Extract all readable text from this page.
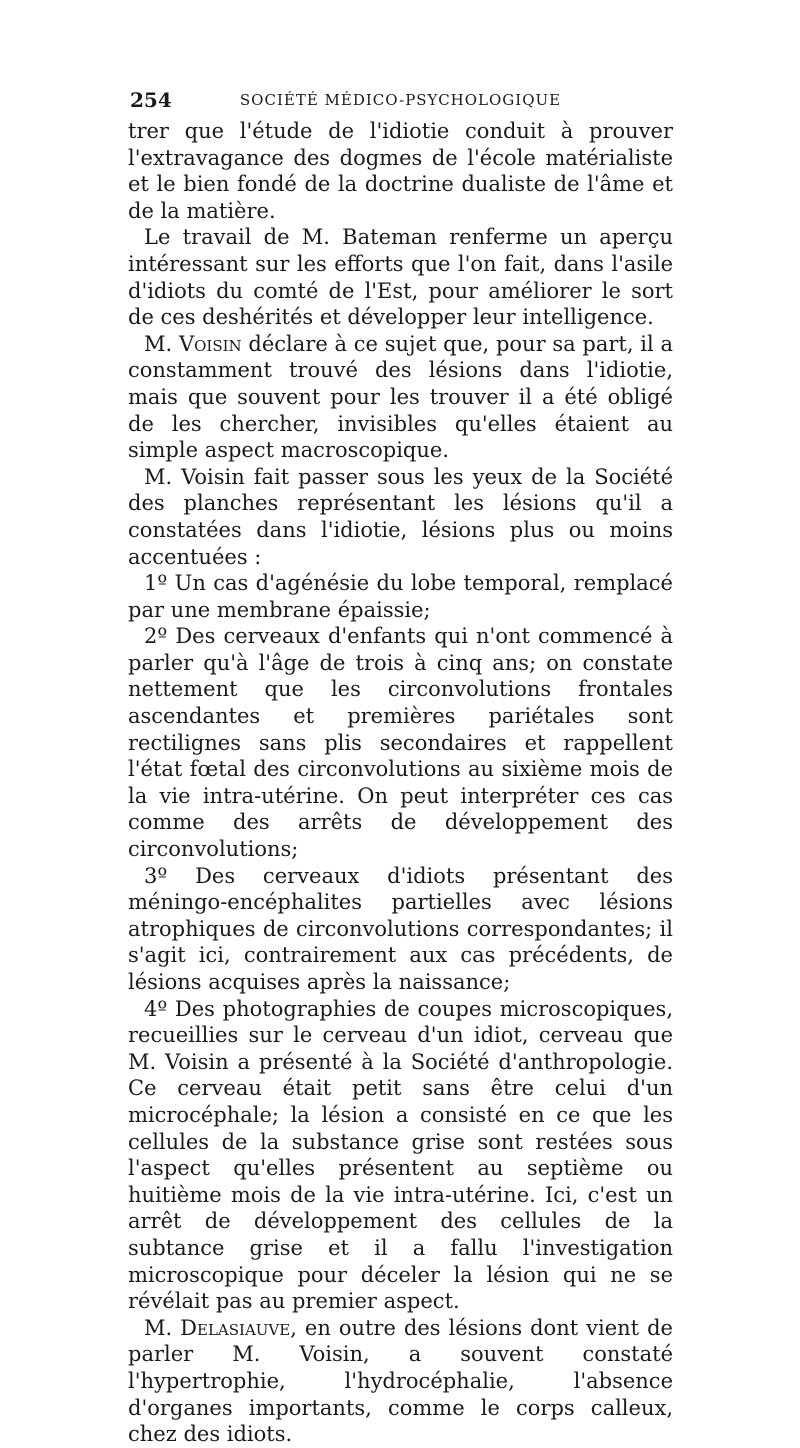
254	SOCIÉTÉ MÉDICO-PSYCHOLOGIQUE

trer que l'étude de l'idiotie conduit à prouver l'extravagance des dogmes de l'école matérialiste et le bien fondé de la doctrine dualiste de l'âme et de la matière.

Le travail de M. Bateman renferme un aperçu intéressant sur les efforts que l'on fait, dans l'asile d'idiots du comté de l'Est, pour améliorer le sort de ces deshérités et développer leur intelligence.

M. Voisin déclare à ce sujet que, pour sa part, il a constamment trouvé des lésions dans l'idiotie, mais que souvent pour les trouver il a été obligé de les chercher, invisibles qu'elles étaient au simple aspect macroscopique.

M. Voisin fait passer sous les yeux de la Société des planches représentant les lésions qu'il a constatées dans l'idiotie, lésions plus ou moins accentuées :

1º Un cas d'agénésie du lobe temporal, remplacé par une membrane épaissie;

2º Des cerveaux d'enfants qui n'ont commencé à parler qu'à l'âge de trois à cinq ans; on constate nettement que les circonvolutions frontales ascendantes et premières pariétales sont rectilignes sans plis secondaires et rappellent l'état fœtal des circonvolutions au sixième mois de la vie intra-utérine. On peut interpréter ces cas comme des arrêts de développement des circonvolutions;

3º Des cerveaux d'idiots présentant des méningo-encéphalites partielles avec lésions atrophiques de circonvolutions correspondantes; il s'agit ici, contrairement aux cas précédents, de lésions acquises après la naissance;

4º Des photographies de coupes microscopiques, recueillies sur le cerveau d'un idiot, cerveau que M. Voisin a présenté à la Société d'anthropologie. Ce cerveau était petit sans être celui d'un microcéphale; la lésion a consisté en ce que les cellules de la substance grise sont restées sous l'aspect qu'elles présentent au septième ou huitième mois de la vie intra-utérine. Ici, c'est un arrêt de développement des cellules de la subtance grise et il a fallu l'investigation microscopique pour déceler la lésion qui ne se révélait pas au premier aspect.

M. Delasiauve, en outre des lésions dont vient de parler M. Voisin, a souvent constaté l'hypertrophie, l'hydrocéphalie, l'absence d'organes importants, comme le corps calleux, chez des idiots.
